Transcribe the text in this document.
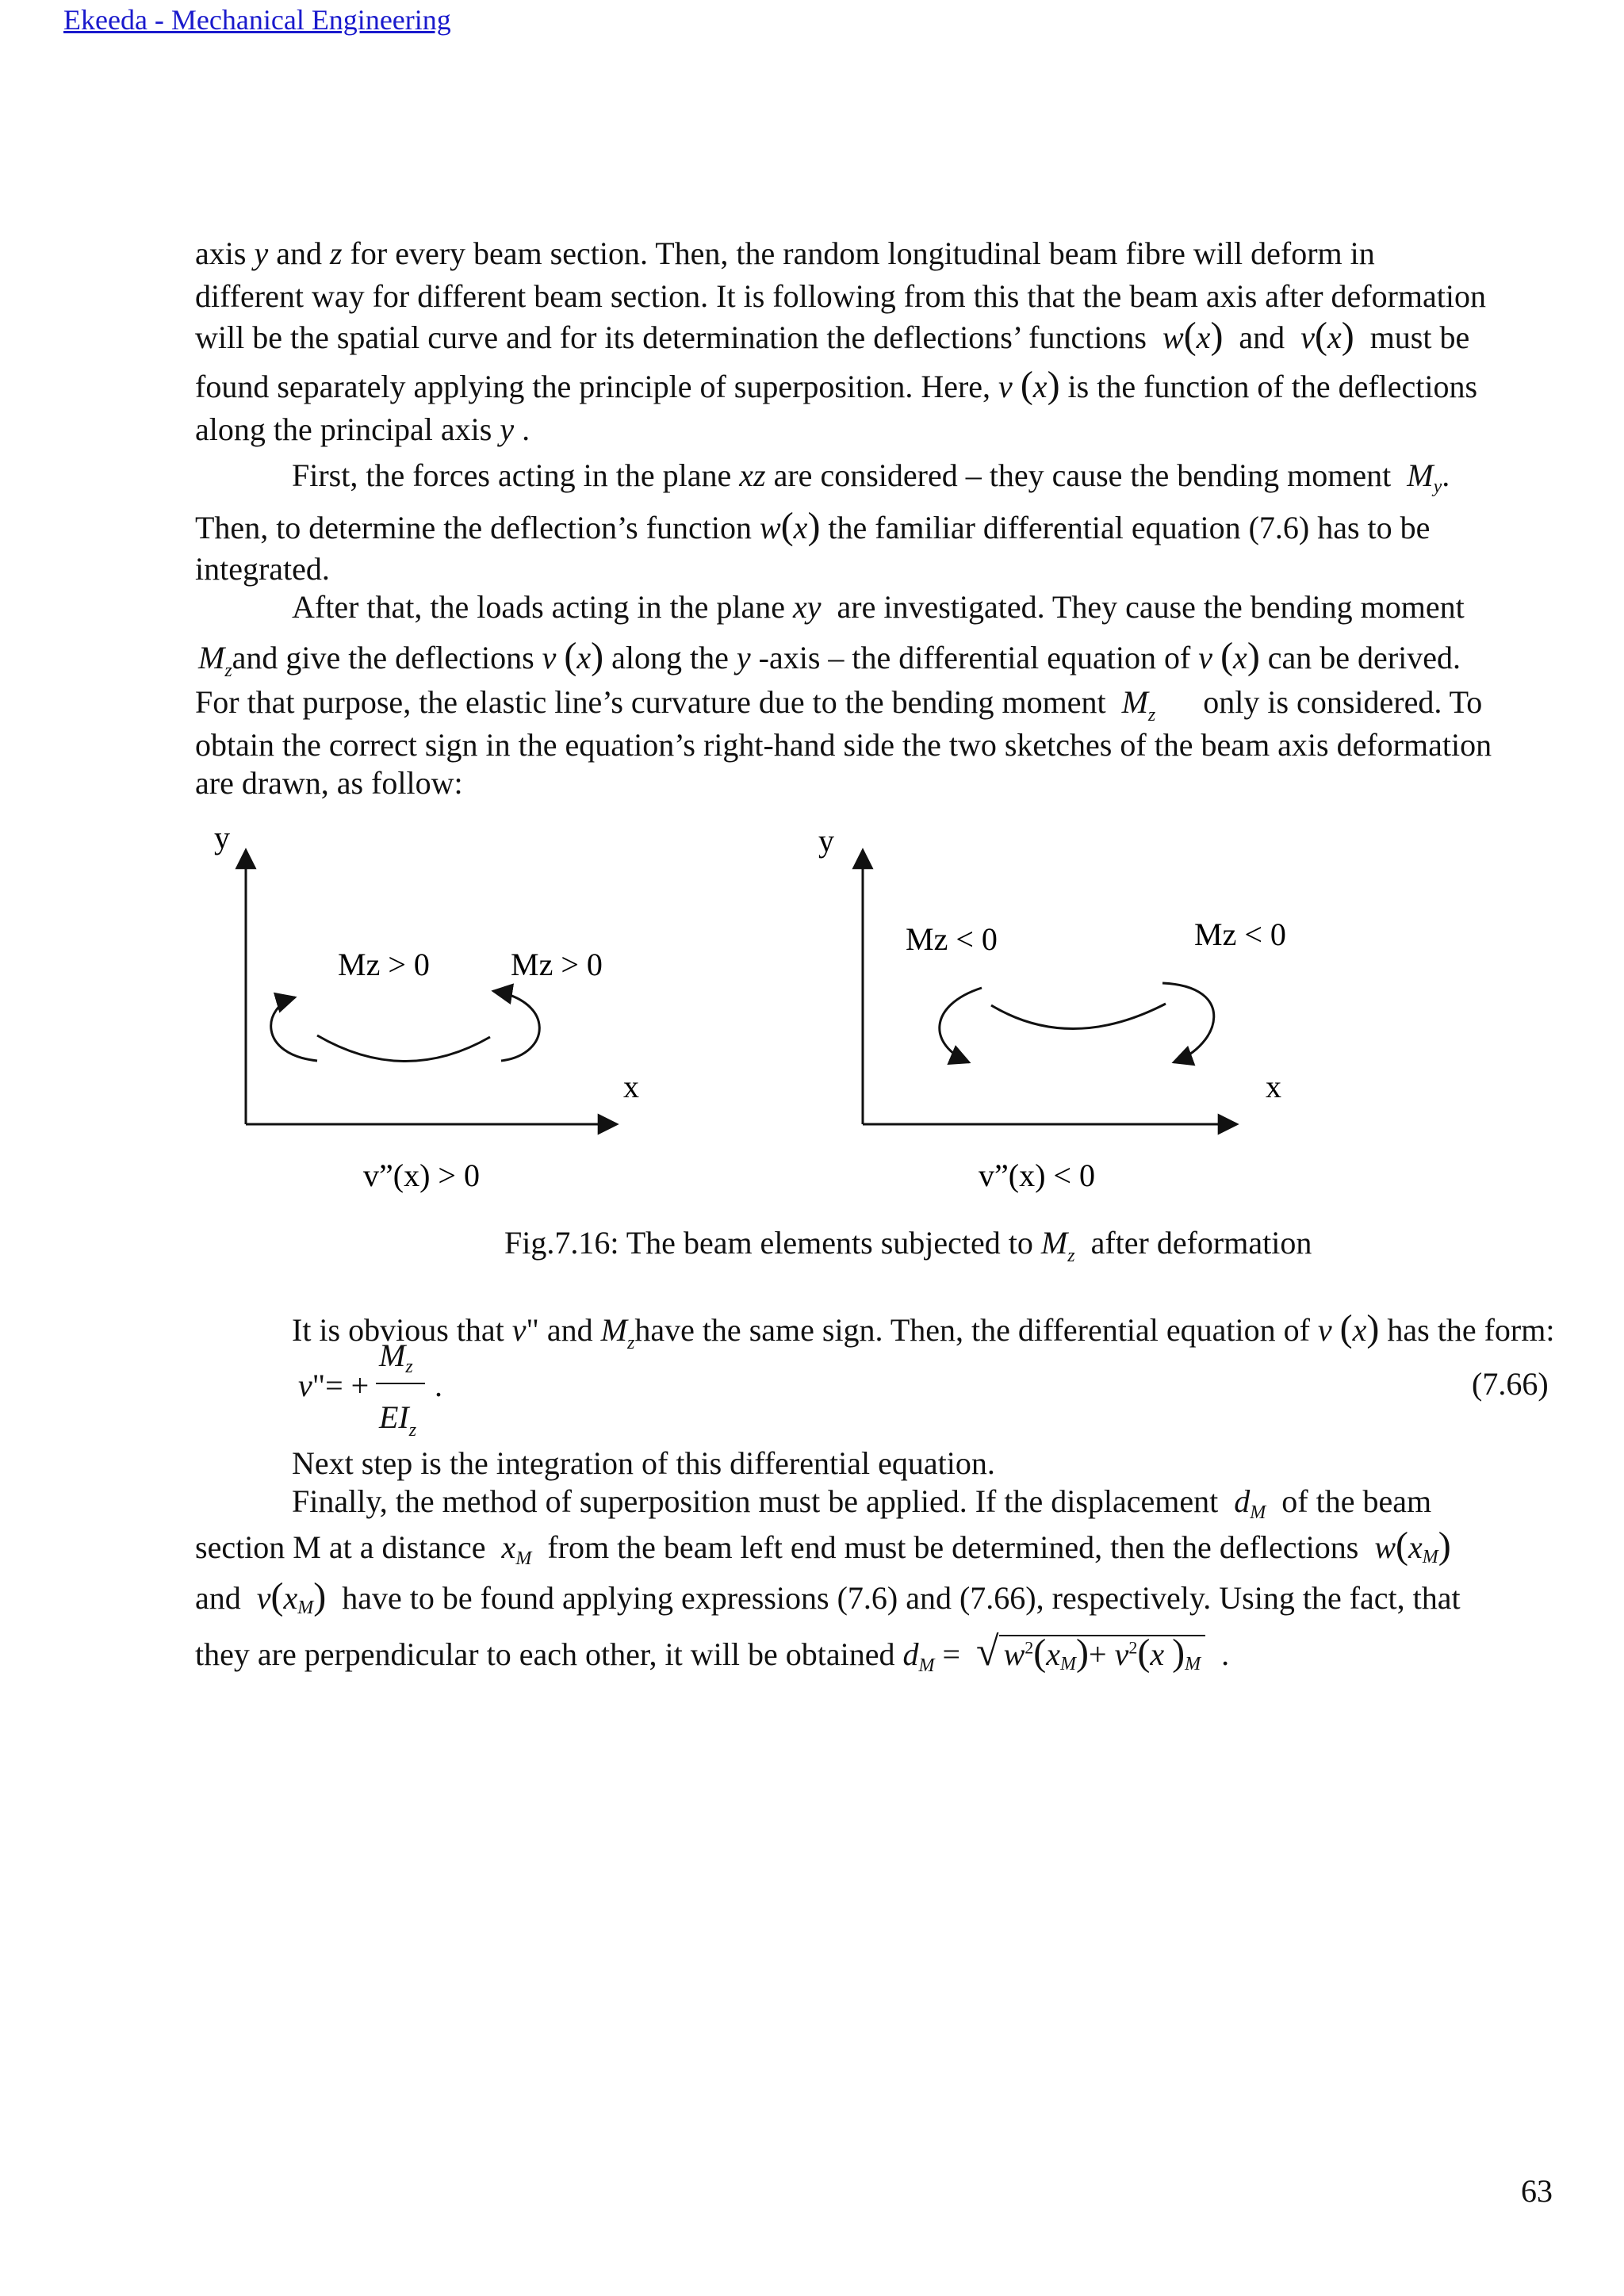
Ekeeda - Mechanical Engineering
axis y and z for every beam section. Then, the random longitudinal beam fibre will deform in
different way for different beam section. It is following from this that the beam axis after deformation
will be the spatial curve and for its determination the deflections’ functions w(x) and v(x) must be
found separately applying the principle of superposition. Here, v (x) is the function of the deflections
along the principal axis y .
First, the forces acting in the plane xz are considered – they cause the bending moment $M_y$.
Then, to determine the deflection’s function w(x) the familiar differential equation (7.6) has to be
integrated.
After that, the loads acting in the plane xy are investigated. They cause the bending moment
$M_zand$ give the deflections v (x) along the y -axis – the differential equation of v (x) can be derived.
For that purpose, the elastic line’s curvature due to the bending moment $M_z$ only is considered. To
obtain the correct sign in the equation’s right-hand side the two sketches of the beam axis deformation
are drawn, as follow:
y
Mz > 0	Mz > 0
x
v”(x) > 0
y
Mz < 0	Mz < 0
x
v”(x) < 0
Fig.7.16: The beam elements subjected to $M_z$ after deformation
It is obvious that v" and $M_zhave$ the same sign. Then, the differential equation of v (x) has the form:
v"= +
$M_z$
$EI_z$
.	(7.66)
Next step is the integration of this differential equation.
Finally, the method of superposition must be applied. If the displacement $d_M$ of the beam
section M at a distance $x_M$ from the beam left end must be determined, then the deflections $w(x_M)$
and $v(x_M)$ have to be found applying expressions (7.6) and (7.66), respectively. Using the fact, that
they are perpendicular to each other, it will be obtained $d_M$ =  √ $w^2(x_M)+ v^2(x$ )$_M$  .
63
